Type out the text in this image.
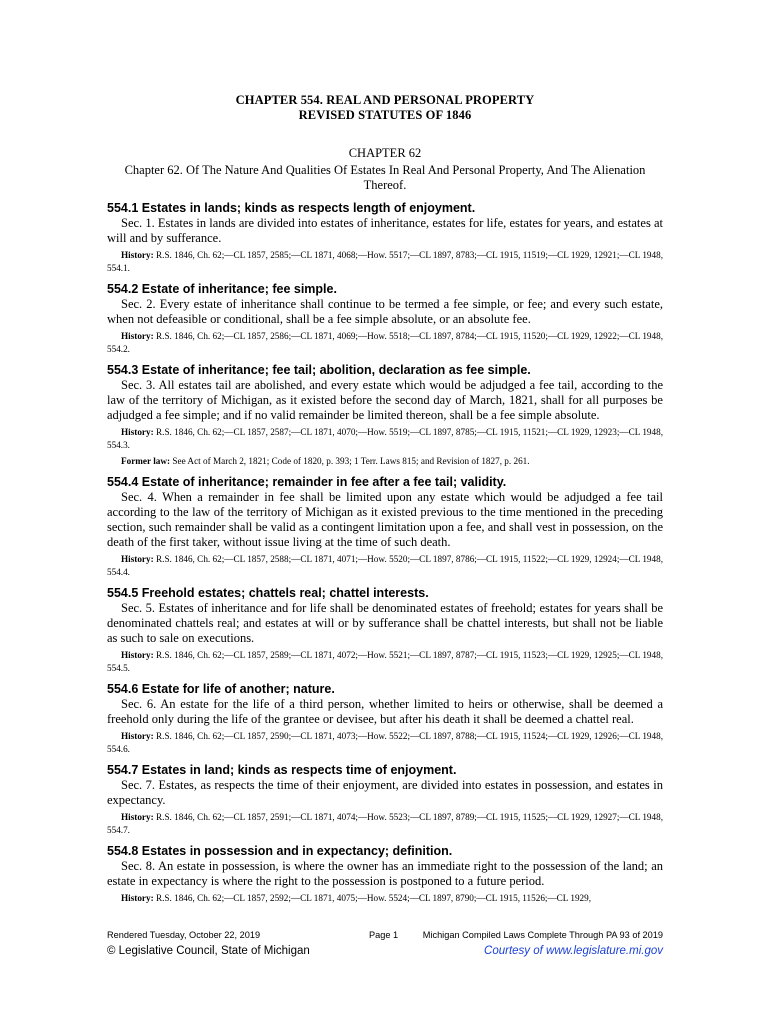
CHAPTER 554. REAL AND PERSONAL PROPERTY
REVISED STATUTES OF 1846
CHAPTER 62
Chapter 62. Of The Nature And Qualities Of Estates In Real And Personal Property, And The Alienation Thereof.
554.1 Estates in lands; kinds as respects length of enjoyment.
Sec. 1. Estates in lands are divided into estates of inheritance, estates for life, estates for years, and estates at will and by sufferance.
History: R.S. 1846, Ch. 62;—CL 1857, 2585;—CL 1871, 4068;—How. 5517;—CL 1897, 8783;—CL 1915, 11519;—CL 1929, 12921;—CL 1948, 554.1.
554.2 Estate of inheritance; fee simple.
Sec. 2. Every estate of inheritance shall continue to be termed a fee simple, or fee; and every such estate, when not defeasible or conditional, shall be a fee simple absolute, or an absolute fee.
History: R.S. 1846, Ch. 62;—CL 1857, 2586;—CL 1871, 4069;—How. 5518;—CL 1897, 8784;—CL 1915, 11520;—CL 1929, 12922;—CL 1948, 554.2.
554.3 Estate of inheritance; fee tail; abolition, declaration as fee simple.
Sec. 3. All estates tail are abolished, and every estate which would be adjudged a fee tail, according to the law of the territory of Michigan, as it existed before the second day of March, 1821, shall for all purposes be adjudged a fee simple; and if no valid remainder be limited thereon, shall be a fee simple absolute.
History: R.S. 1846, Ch. 62;—CL 1857, 2587;—CL 1871, 4070;—How. 5519;—CL 1897, 8785;—CL 1915, 11521;—CL 1929, 12923;—CL 1948, 554.3.
Former law: See Act of March 2, 1821; Code of 1820, p. 393; 1 Terr. Laws 815; and Revision of 1827, p. 261.
554.4 Estate of inheritance; remainder in fee after a fee tail; validity.
Sec. 4. When a remainder in fee shall be limited upon any estate which would be adjudged a fee tail according to the law of the territory of Michigan as it existed previous to the time mentioned in the preceding section, such remainder shall be valid as a contingent limitation upon a fee, and shall vest in possession, on the death of the first taker, without issue living at the time of such death.
History: R.S. 1846, Ch. 62;—CL 1857, 2588;—CL 1871, 4071;—How. 5520;—CL 1897, 8786;—CL 1915, 11522;—CL 1929, 12924;—CL 1948, 554.4.
554.5 Freehold estates; chattels real; chattel interests.
Sec. 5. Estates of inheritance and for life shall be denominated estates of freehold; estates for years shall be denominated chattels real; and estates at will or by sufferance shall be chattel interests, but shall not be liable as such to sale on executions.
History: R.S. 1846, Ch. 62;—CL 1857, 2589;—CL 1871, 4072;—How. 5521;—CL 1897, 8787;—CL 1915, 11523;—CL 1929, 12925;—CL 1948, 554.5.
554.6 Estate for life of another; nature.
Sec. 6. An estate for the life of a third person, whether limited to heirs or otherwise, shall be deemed a freehold only during the life of the grantee or devisee, but after his death it shall be deemed a chattel real.
History: R.S. 1846, Ch. 62;—CL 1857, 2590;—CL 1871, 4073;—How. 5522;—CL 1897, 8788;—CL 1915, 11524;—CL 1929, 12926;—CL 1948, 554.6.
554.7 Estates in land; kinds as respects time of enjoyment.
Sec. 7. Estates, as respects the time of their enjoyment, are divided into estates in possession, and estates in expectancy.
History: R.S. 1846, Ch. 62;—CL 1857, 2591;—CL 1871, 4074;—How. 5523;—CL 1897, 8789;—CL 1915, 11525;—CL 1929, 12927;—CL 1948, 554.7.
554.8 Estates in possession and in expectancy; definition.
Sec. 8. An estate in possession, is where the owner has an immediate right to the possession of the land; an estate in expectancy is where the right to the possession is postponed to a future period.
History: R.S. 1846, Ch. 62;—CL 1857, 2592;—CL 1871, 4075;—How. 5524;—CL 1897, 8790;—CL 1915, 11526;—CL 1929,
Rendered Tuesday, October 22, 2019	Page 1	Michigan Compiled Laws Complete Through PA 93 of 2019
© Legislative Council, State of Michigan	Courtesy of www.legislature.mi.gov
